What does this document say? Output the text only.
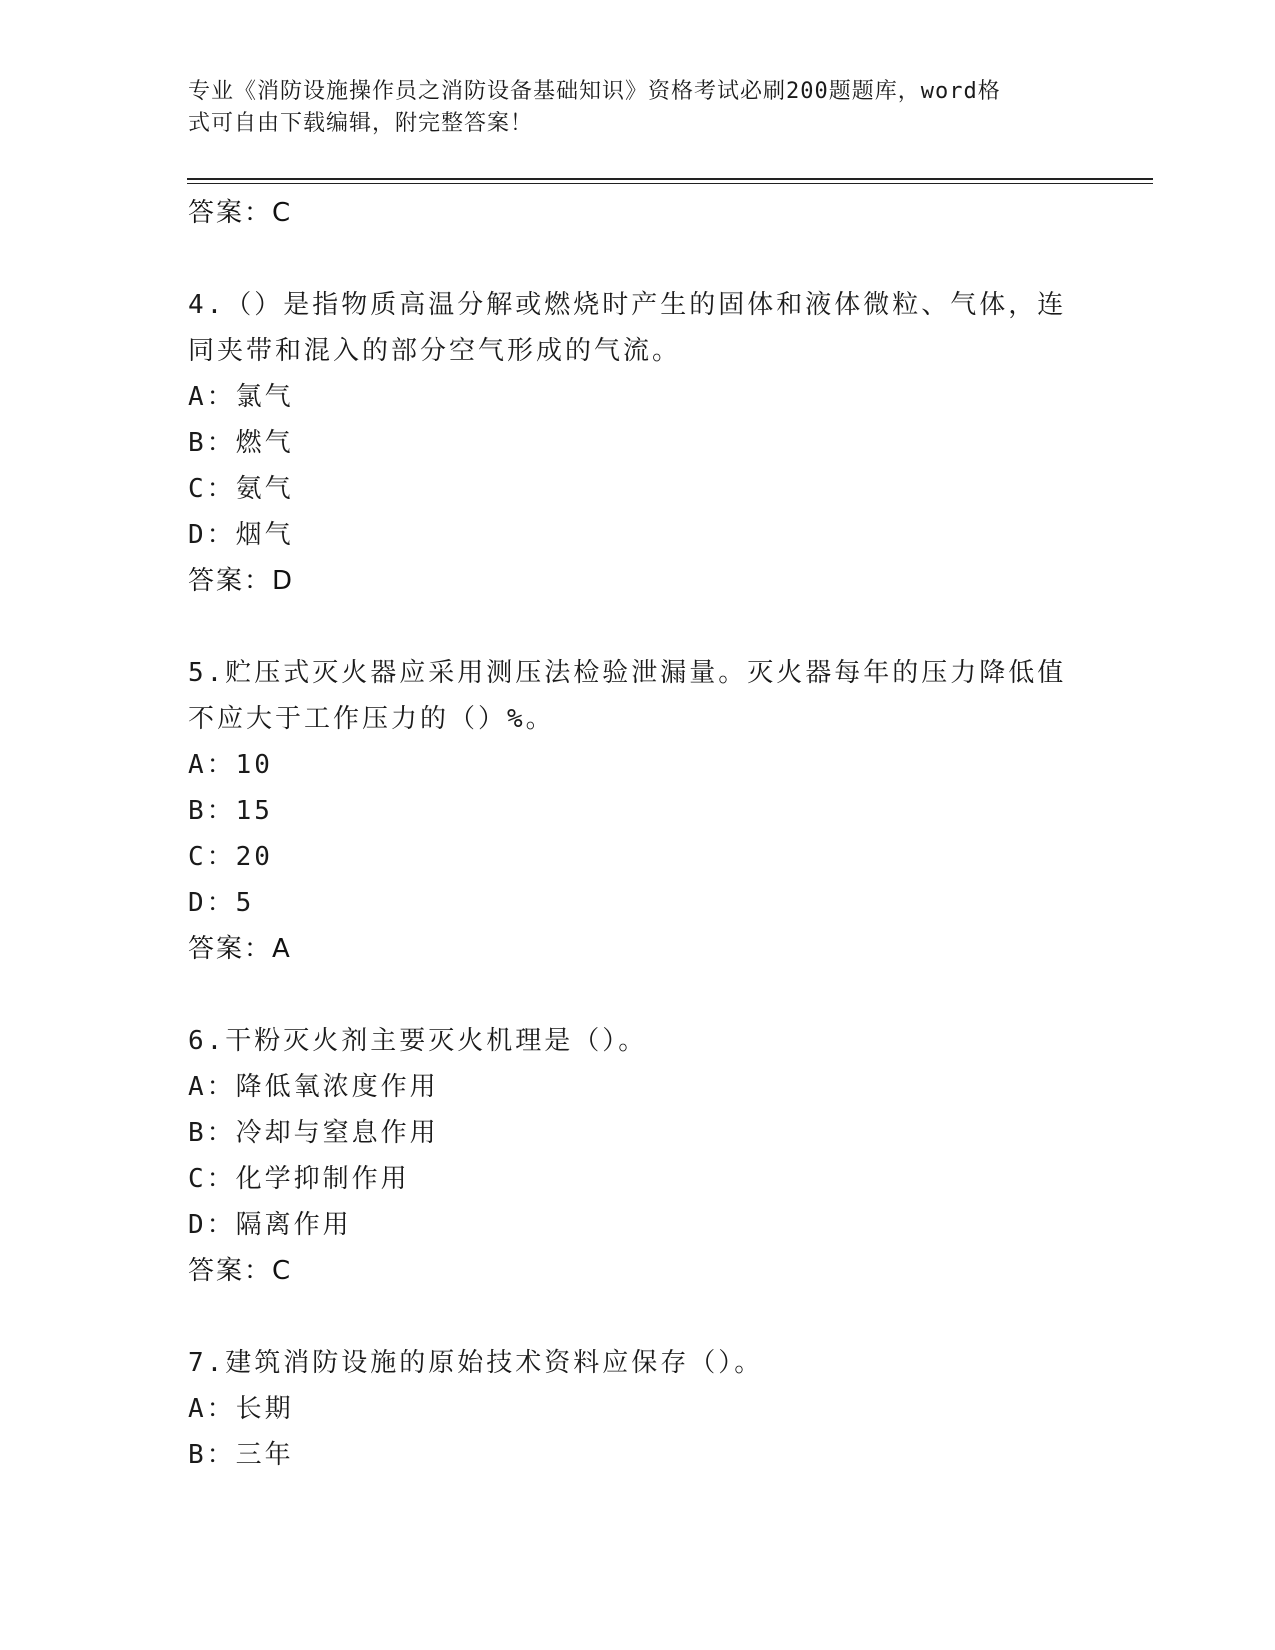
专业《消防设施操作员之消防设备基础知识》资格考试必刷200题题库，word格
式可自由下载编辑，附完整答案！
答案：C
4.（）是指物质高温分解或燃烧时产生的固体和液体微粒、气体，连
同夹带和混入的部分空气形成的气流。
A：氯气
B：燃气
C：氨气
D：烟气
答案：D
5.贮压式灭火器应采用测压法检验泄漏量。灭火器每年的压力降低值
不应大于工作压力的（）%。
A：10
B：15
C：20
D：5
答案：A
6.干粉灭火剂主要灭火机理是（）。
A：降低氧浓度作用
B：冷却与窒息作用
C：化学抑制作用
D：隔离作用
答案：C
7.建筑消防设施的原始技术资料应保存（）。
A：长期
B：三年
